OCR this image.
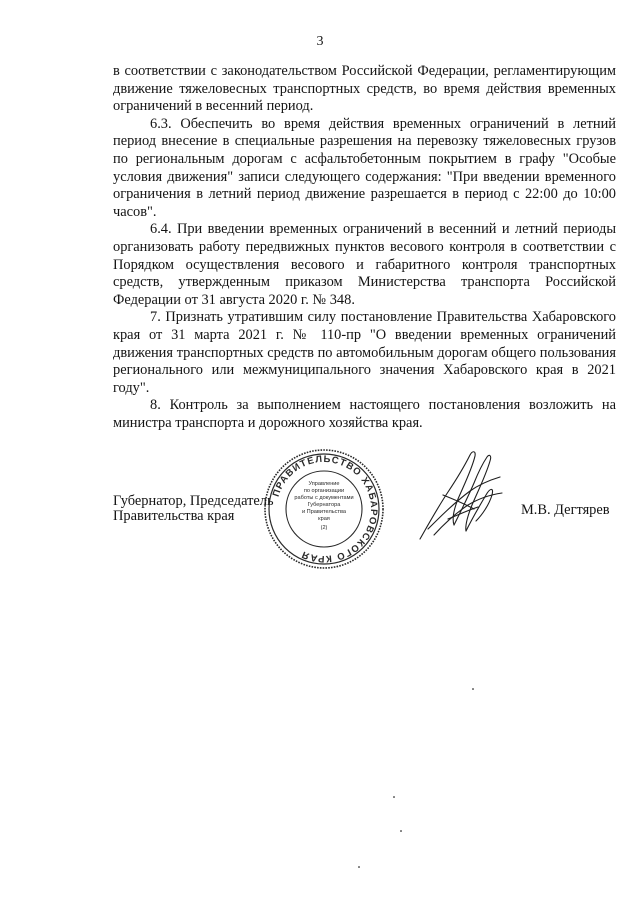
3

в соответствии с законодательством Российской Федерации, регламентирующим движение тяжеловесных транспортных средств, во время действия временных ограничений в весенний период.

6.3. Обеспечить во время действия временных ограничений в летний период внесение в специальные разрешения на перевозку тяжеловесных грузов по региональным дорогам с асфальтобетонным покрытием в графу "Особые условия движения" записи следующего содержания: "При введении временного ограничения в летний период движение разрешается в период с 22:00 до 10:00 часов".

6.4. При введении временных ограничений в весенний и летний периоды организовать работу передвижных пунктов весового контроля в соответствии с Порядком осуществления весового и габаритного контроля транспортных средств, утвержденным приказом Министерства транспорта Российской Федерации от 31 августа 2020 г. № 348.

7. Признать утратившим силу постановление Правительства Хабаровского края от 31 марта 2021 г. № 110-пр "О введении временных ограничений движения транспортных средств по автомобильным дорогам общего пользования регионального или межмуниципального значения Хабаровского края в 2021 году".

8. Контроль за выполнением настоящего постановления возложить на министра транспорта и дорожного хозяйства края.

ПРАВИТЕЛЬСТВО ХАБАРОВСКОГО КРАЯ
Управление
по организации
работы с документами
Губернатора
и Правительства
края
(2)
Губернатор, Председатель
Правительства края	М.В. Дегтярев
